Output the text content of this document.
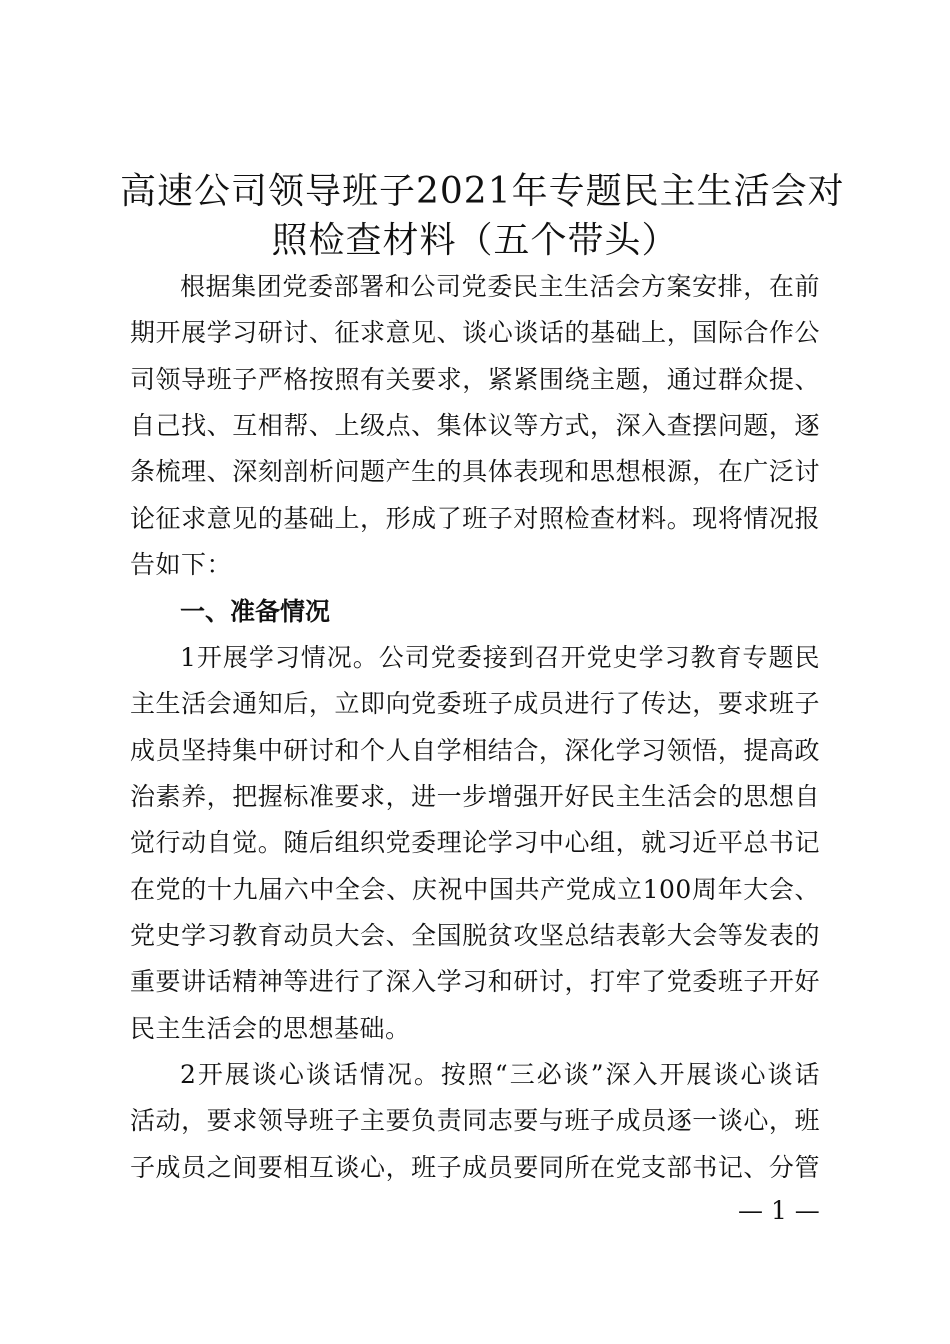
高速公司领导班子2021年专题民主生活会对
照检查材料（五个带头）
根据集团党委部署和公司党委民主生活会方案安排，在前
期开展学习研讨、征求意见、谈心谈话的基础上，国际合作公
司领导班子严格按照有关要求，紧紧围绕主题，通过群众提、
自己找、互相帮、上级点、集体议等方式，深入查摆问题，逐
条梳理、深刻剖析问题产生的具体表现和思想根源，在广泛讨
论征求意见的基础上，形成了班子对照检查材料。现将情况报
告如下：
一、准备情况
1开展学习情况。公司党委接到召开党史学习教育专题民
主生活会通知后，立即向党委班子成员进行了传达，要求班子
成员坚持集中研讨和个人自学相结合，深化学习领悟，提高政
治素养，把握标准要求，进一步增强开好民主生活会的思想自
觉行动自觉。随后组织党委理论学习中心组，就习近平总书记
在党的十九届六中全会、庆祝中国共产党成立100周年大会、
党史学习教育动员大会、全国脱贫攻坚总结表彰大会等发表的
重要讲话精神等进行了深入学习和研讨，打牢了党委班子开好
民主生活会的思想基础。
2开展谈心谈话情况。按照“三必谈”深入开展谈心谈话
活动，要求领导班子主要负责同志要与班子成员逐一谈心，班
子成员之间要相互谈心，班子成员要同所在党支部书记、分管
— 1 —
